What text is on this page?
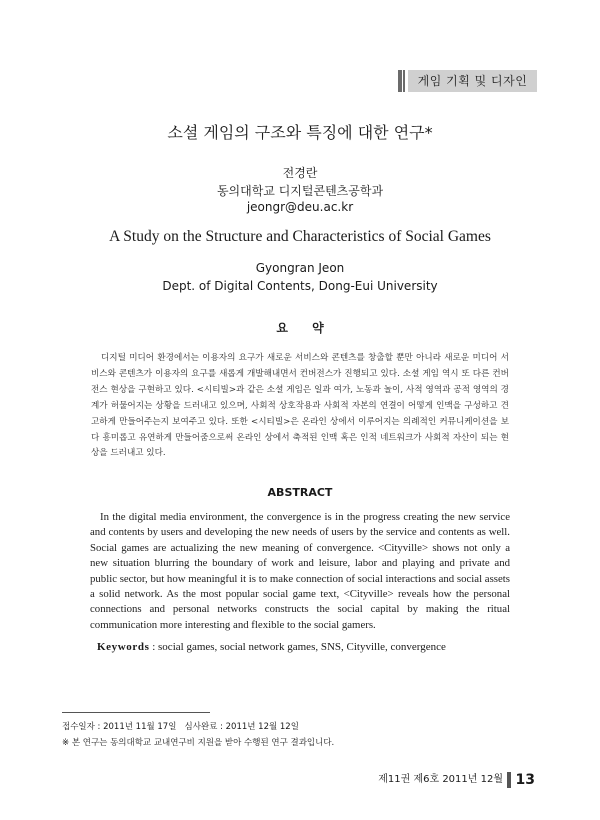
게임 기획 및 디자인
소셜 게임의 구조와 특징에 대한 연구*
전경란
동의대학교 디지털콘텐츠공학과
jeongr@deu.ac.kr
A Study on the Structure and Characteristics of Social Games
Gyongran Jeon
Dept. of Digital Contents, Dong-Eui University
요 약
디지털 미디어 환경에서는 이용자의 요구가 새로운 서비스와 콘텐츠를 창출할 뿐만 아니라 새로운 미디어 서비스와 콘텐츠가 이용자의 요구를 새롭게 개발해내면서 컨버전스가 진행되고 있다. 소셜 게임 역시 또 다른 컨버전스 현상을 구현하고 있다. <시티빌>과 같은 소셜 게임은 일과 여가, 노동과 놀이, 사적 영역과 공적 영역의 경계가 허물어지는 상황을 드러내고 있으며, 사회적 상호작용과 사회적 자본의 연결이 어떻게 인맥을 구성하고 견고하게 만들어주는지 보여주고 있다. 또한 <시티빌>은 온라인 상에서 이루어지는 의례적인 커뮤니케이션을 보다 흥미롭고 유연하게 만들어줌으로써 온라인 상에서 축적된 인맥 혹은 인적 네트워크가 사회적 자산이 되는 현상을 드러내고 있다.
ABSTRACT
In the digital media environment, the convergence is in the progress creating the new service and contents by users and developing the new needs of users by the service and contents as well. Social games are actualizing the new meaning of convergence. <Cityville> shows not only a new situation blurring the boundary of work and leisure, labor and playing and private and public sector, but how meaningful it is to make connection of social interactions and social assets a solid network. As the most popular social game text, <Cityville> reveals how the personal connections and personal networks constructs the social capital by making the ritual communication more interesting and flexible to the social gamers.
Keywords : social games, social network games, SNS, Cityville, convergence
접수일자 : 2011년 11월 17일   심사완료 : 2011년 12월 12일
※ 본 연구는 동의대학교 교내연구비 지원을 받아 수행된 연구 결과입니다.
제11권 제6호 2011년 12월 13
